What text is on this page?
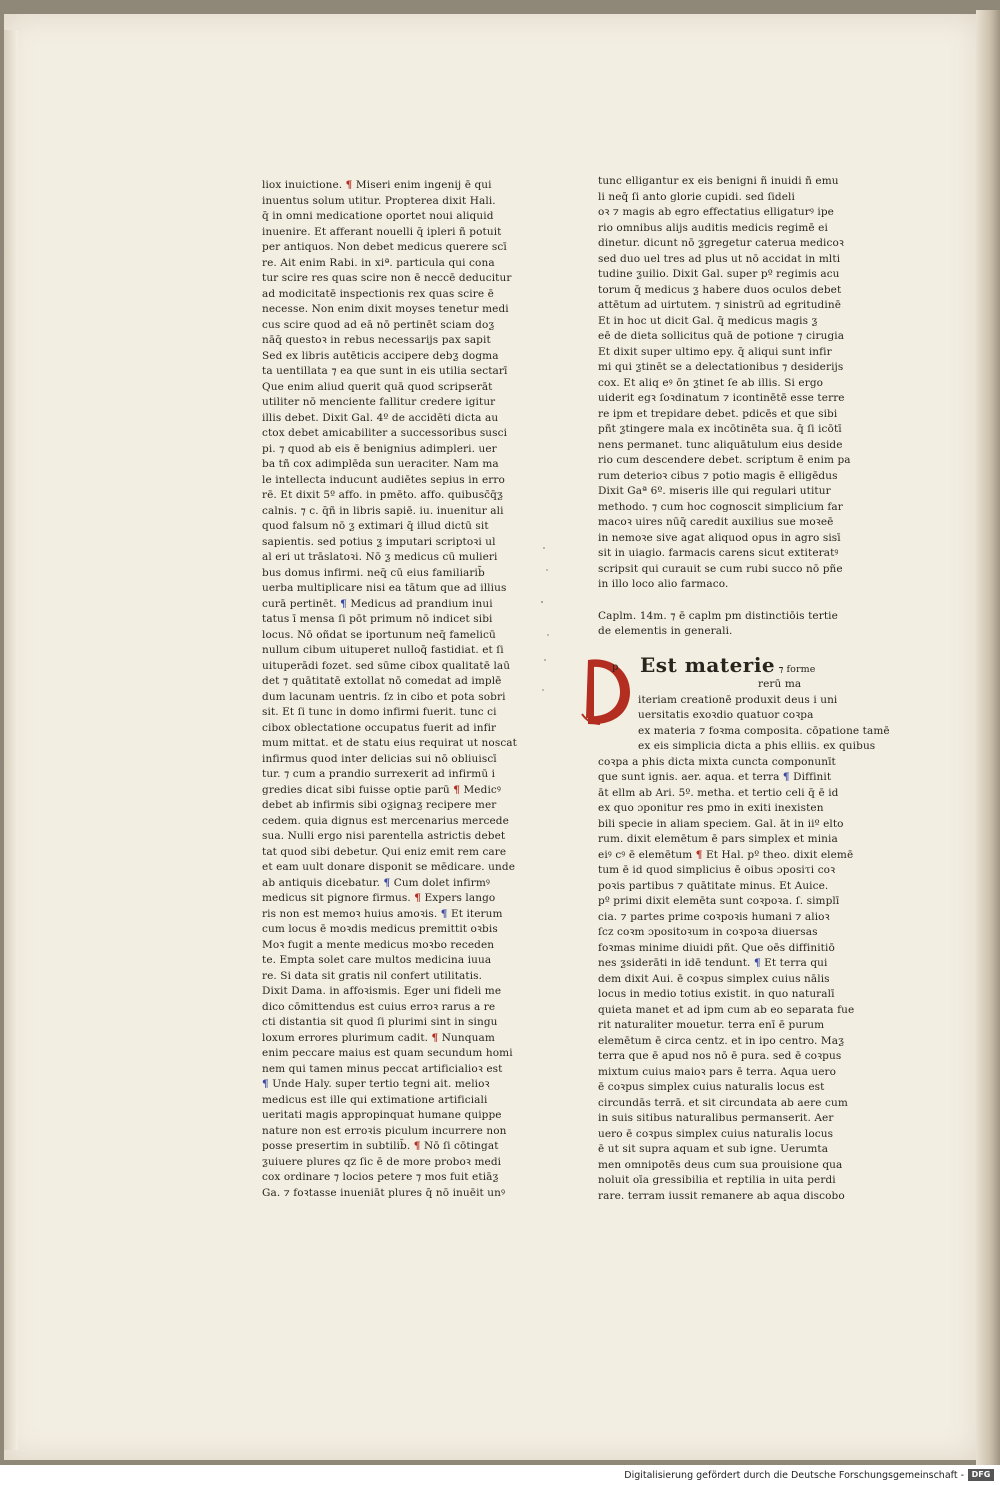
liox inuictione. ¶ Miseri enim ingenij ē qui
inuentus solum utitur. Propterea dixit Hali.
q̄ in omni medicatione oportet noui aliquid
inuenire. Et afferant nouelli q̄ ipleri ñ potuit
per antiquos. Non debet medicus querere scī
re. Ait enim Rabi. in xiª. particula qui cona
tur scire res quas scire non ē neccē deducitur
ad modicitatē inspectionis rex quas scire ē
necesse. Non enim dixit moyses tenetur medi
cus scire quod ad eā nō pertinēt sciam doƺ
nāq̄ questoꝛ in rebus necessarijs pax sapit
Sed ex libris autēticis accipere debƺ dogma
ta uentillata ⁊ ea que sunt in eis utilia sectarī
Que enim aliud querit quā quod scripserāt
utiliter nō menciente fallitur credere igitur
illis debet. Dixit Gal. 4º de accidēti dicta au
ctox debet amicabiliter a successoribus susci
pi. ⁊ quod ab eis ē benignius adimpleri. uer
ba tñ cox adimplēda sun ueraciter. Nam ma
le intellecta inducunt audiētes sepius in erro
rē. Et dixit 5º affo. in pmēto. affo. quibusc̄q̄ƺ
calnis. ⁊ c. q̄ñ in libris sapiē. iu. inuenitur ali
quod falsum nō ƺ extimari q̄ illud dictū sit
sapientis. sed potius ƺ imputari scriptoꝛi ul
al eri ut trāslatoꝛi. Nō ƺ medicus cū mulieri
bus domus infirmi. neq̄ cū eius familiarib̄
uerba multiplicare nisi ea tātum que ad illius
curā pertinēt. ¶ Medicus ad prandium inui
tatus ī mensa ſi pōt primum nō indicet sibi
locus. Nō oñdat se iportunum neq̄ famelicū
nullum cibum uituperet nulloq̄ fastidiat. et ſi
uituperādi fozet. sed sūme cibox qualitatē laū
det ⁊ quātitatē extollat nō comedat ad implē
dum lacunam uentris. ſz in cibo et pota sobri
sit. Et ſi tunc in domo infirmi fuerit. tunc ci
cibox oblectatione occupatus fuerit ad infir
mum mittat. et de statu eius requirat ut noscat
infirmus quod inter delicias sui nō obliuiscī
tur. ⁊ cum a prandio surrexerit ad infirmū i
gredies dicat sibi fuisse optie parū ¶ Medicꝰ
debet ab infirmis sibi oƺignaƺ recipere mer
cedem. quia dignus est mercenarius mercede
sua. Nulli ergo nisi parentella astrictis debet
tat quod sibi debetur. Qui eniz emit rem care
et eam uult donare disponit se mēdicare. unde
ab antiquis dicebatur. ¶ Cum dolet infirmꝰ
medicus sit pignore firmus. ¶ Expers lango
ris non est memoꝛ huius amoꝛis. ¶ Et iterum
cum locus ē moꝛdis medicus premittit oꝛbis
Moꝛ fugit a mente medicus moꝛbo receden
te. Empta solet care multos medicina iuua
re. Si data sit gratis nil confert utilitatis.
Dixit Dama. in affoꝛismis. Eger uni fideli me
dico cōmittendus est cuius erroꝛ rarus a re
cti distantia sit quod ſi plurimi sint in singu
loxum errores plurimum cadit. ¶ Nunquam
enim peccare maius est quam secundum homi
nem qui tamen minus peccat artificialioꝛ est
¶ Unde Haly. super tertio tegni ait. melioꝛ
medicus est ille qui extimatione artificiali
ueritati magis appropinquat humane quippe
nature non est erroꝛis piculum incurrere non
posse presertim in subtilib̄. ¶ Nō ſi cōtingat
ƺuiuere plures qz ſic ē de more proboꝛ medi
cox ordinare ⁊ locios petere ⁊ mos fuit etiāƺ
Ga. ⁊ foꝛtasse inueniāt plures q̄ nō inuēit unꝰ
tunc elligantur ex eis benigni ñ inuidi ñ emu
li neq̄ ſi anto glorie cupidi. sed ſideli
oꝛ ⁊ magis ab egro effectatius elligaturꝰ ipe
rio omnibus alijs auditis medicis regimē ei
dinetur. dicunt nō ƺgregetur caterua medicoꝛ
sed duo uel tres ad plus ut nō accidat in mlti
tudine ƺuilio. Dixit Gal. super pº regimis acu
torum q̄ medicus ƺ habere duos oculos debet
attētum ad uirtutem. ⁊ sinistrū ad egritudinē
Et in hoc ut dicit Gal. q̄ medicus magis ƺ
eē de dieta sollicitus quā de potione ⁊ cirugia
Et dixit super ultimo epy. q̄ aliqui sunt infir
mi qui ƺtinēt se a delectationibus ⁊ desiderijs
cox. Et aliq eꝰ ōn ƺtinet ſe ab illis. Si ergo
uiderit egꝛ ſoꝛdinatum ⁊ icontinētē esse terre
re ipm et trepidare debet. pdicēs et que sibi
pñt ƺtingere mala ex incōtinēta sua. q̄ ſi icōtī
nens permanet. tunc aliquātulum eius deside
rio cum descendere debet. scriptum ē enim pa
rum deterioꝛ cibus ⁊ potio magis ē elligēdus
Dixit Gaª 6º. miseris ille qui regulari utitur
methodo. ⁊ cum hoc cognoscit simplicium far
macoꝛ uires nūq̄ caredit auxilius sue moꝛeē
in nemoꝛe sive agat aliquod opus in agro sisī
sit in uiagio. farmacis carens sicut extiteratꝰ
scripsit qui curauit se cum rubi succo nō pñe
in illo loco alio farmaco.
Caplm. 14m. ⁊ ē caplm pm distinctiōis tertie
de elementis in generali.
p	Est materie ⁊ forme
rerū ma
iteriam creationē produxit deus i uni
uersitatis exoꝛdio quatuor coꝛpa
ex materia ⁊ foꝛma composita. cōpatione tamē
ex eis simplicia dicta a phis elliis. ex quibus
coꝛpa a phis dicta mixta cuncta componunīt
que sunt ignis. aer. aqua. et terra ¶ Diffinit
āt ellm ab Ari. 5º. metha. et tertio celi q̄ ē id
ex quo ɔponitur res pmo in exiti inexisten
bili specie in aliam speciem. Gal. āt in iiº elto
rum. dixit elemētum ē pars simplex et minia
eiꝰ cꝰ ē elemētum ¶ Et Hal. pº theo. dixit elemē
tum ē id quod simplicius ē oibus ɔposiτi coꝛ
poꝛis partibus ⁊ quātitate minus. Et Auice.
pº primi dixit elemēta sunt coꝛpoꝛa. ſ. simplī
cia. ⁊ partes prime coꝛpoꝛis humani ⁊ alioꝛ
ſcz coꝛm ɔpositoꝛum in coꝛpoꝛa diuersas
foꝛmas minime diuidi pñt. Que oēs diffinitiō
nes ƺsiderāti in idē tendunt. ¶ Et terra qui
dem dixit Aui. ē coꝛpus simplex cuius nālis
locus in medio totius existit. in quo naturalī
quieta manet et ad ipm cum ab eo separata fue
rit naturaliter mouetur. terra enī ē purum
elemētum ē circa centz. et in ipo centro. Maƺ
terra que ē apud nos nō ē pura. sed ē coꝛpus
mixtum cuius maioꝛ pars ē terra. Aqua uero
ē coꝛpus simplex cuius naturalis locus est
circundās terrā. et sit circundata ab aere cum
in suis sitibus naturalibus permanserit. Aer
uero ē coꝛpus simplex cuius naturalis locus
ē ut sit supra aquam et sub igne. Uerumta
men omnipotēs deus cum sua prouisione qua
noluit oīa gressibilia et reptilia in uita perdi
rare. terram iussit remanere ab aqua discobo
Digitalisierung gefördert durch die Deutsche Forschungsgemeinschaft - DFG
